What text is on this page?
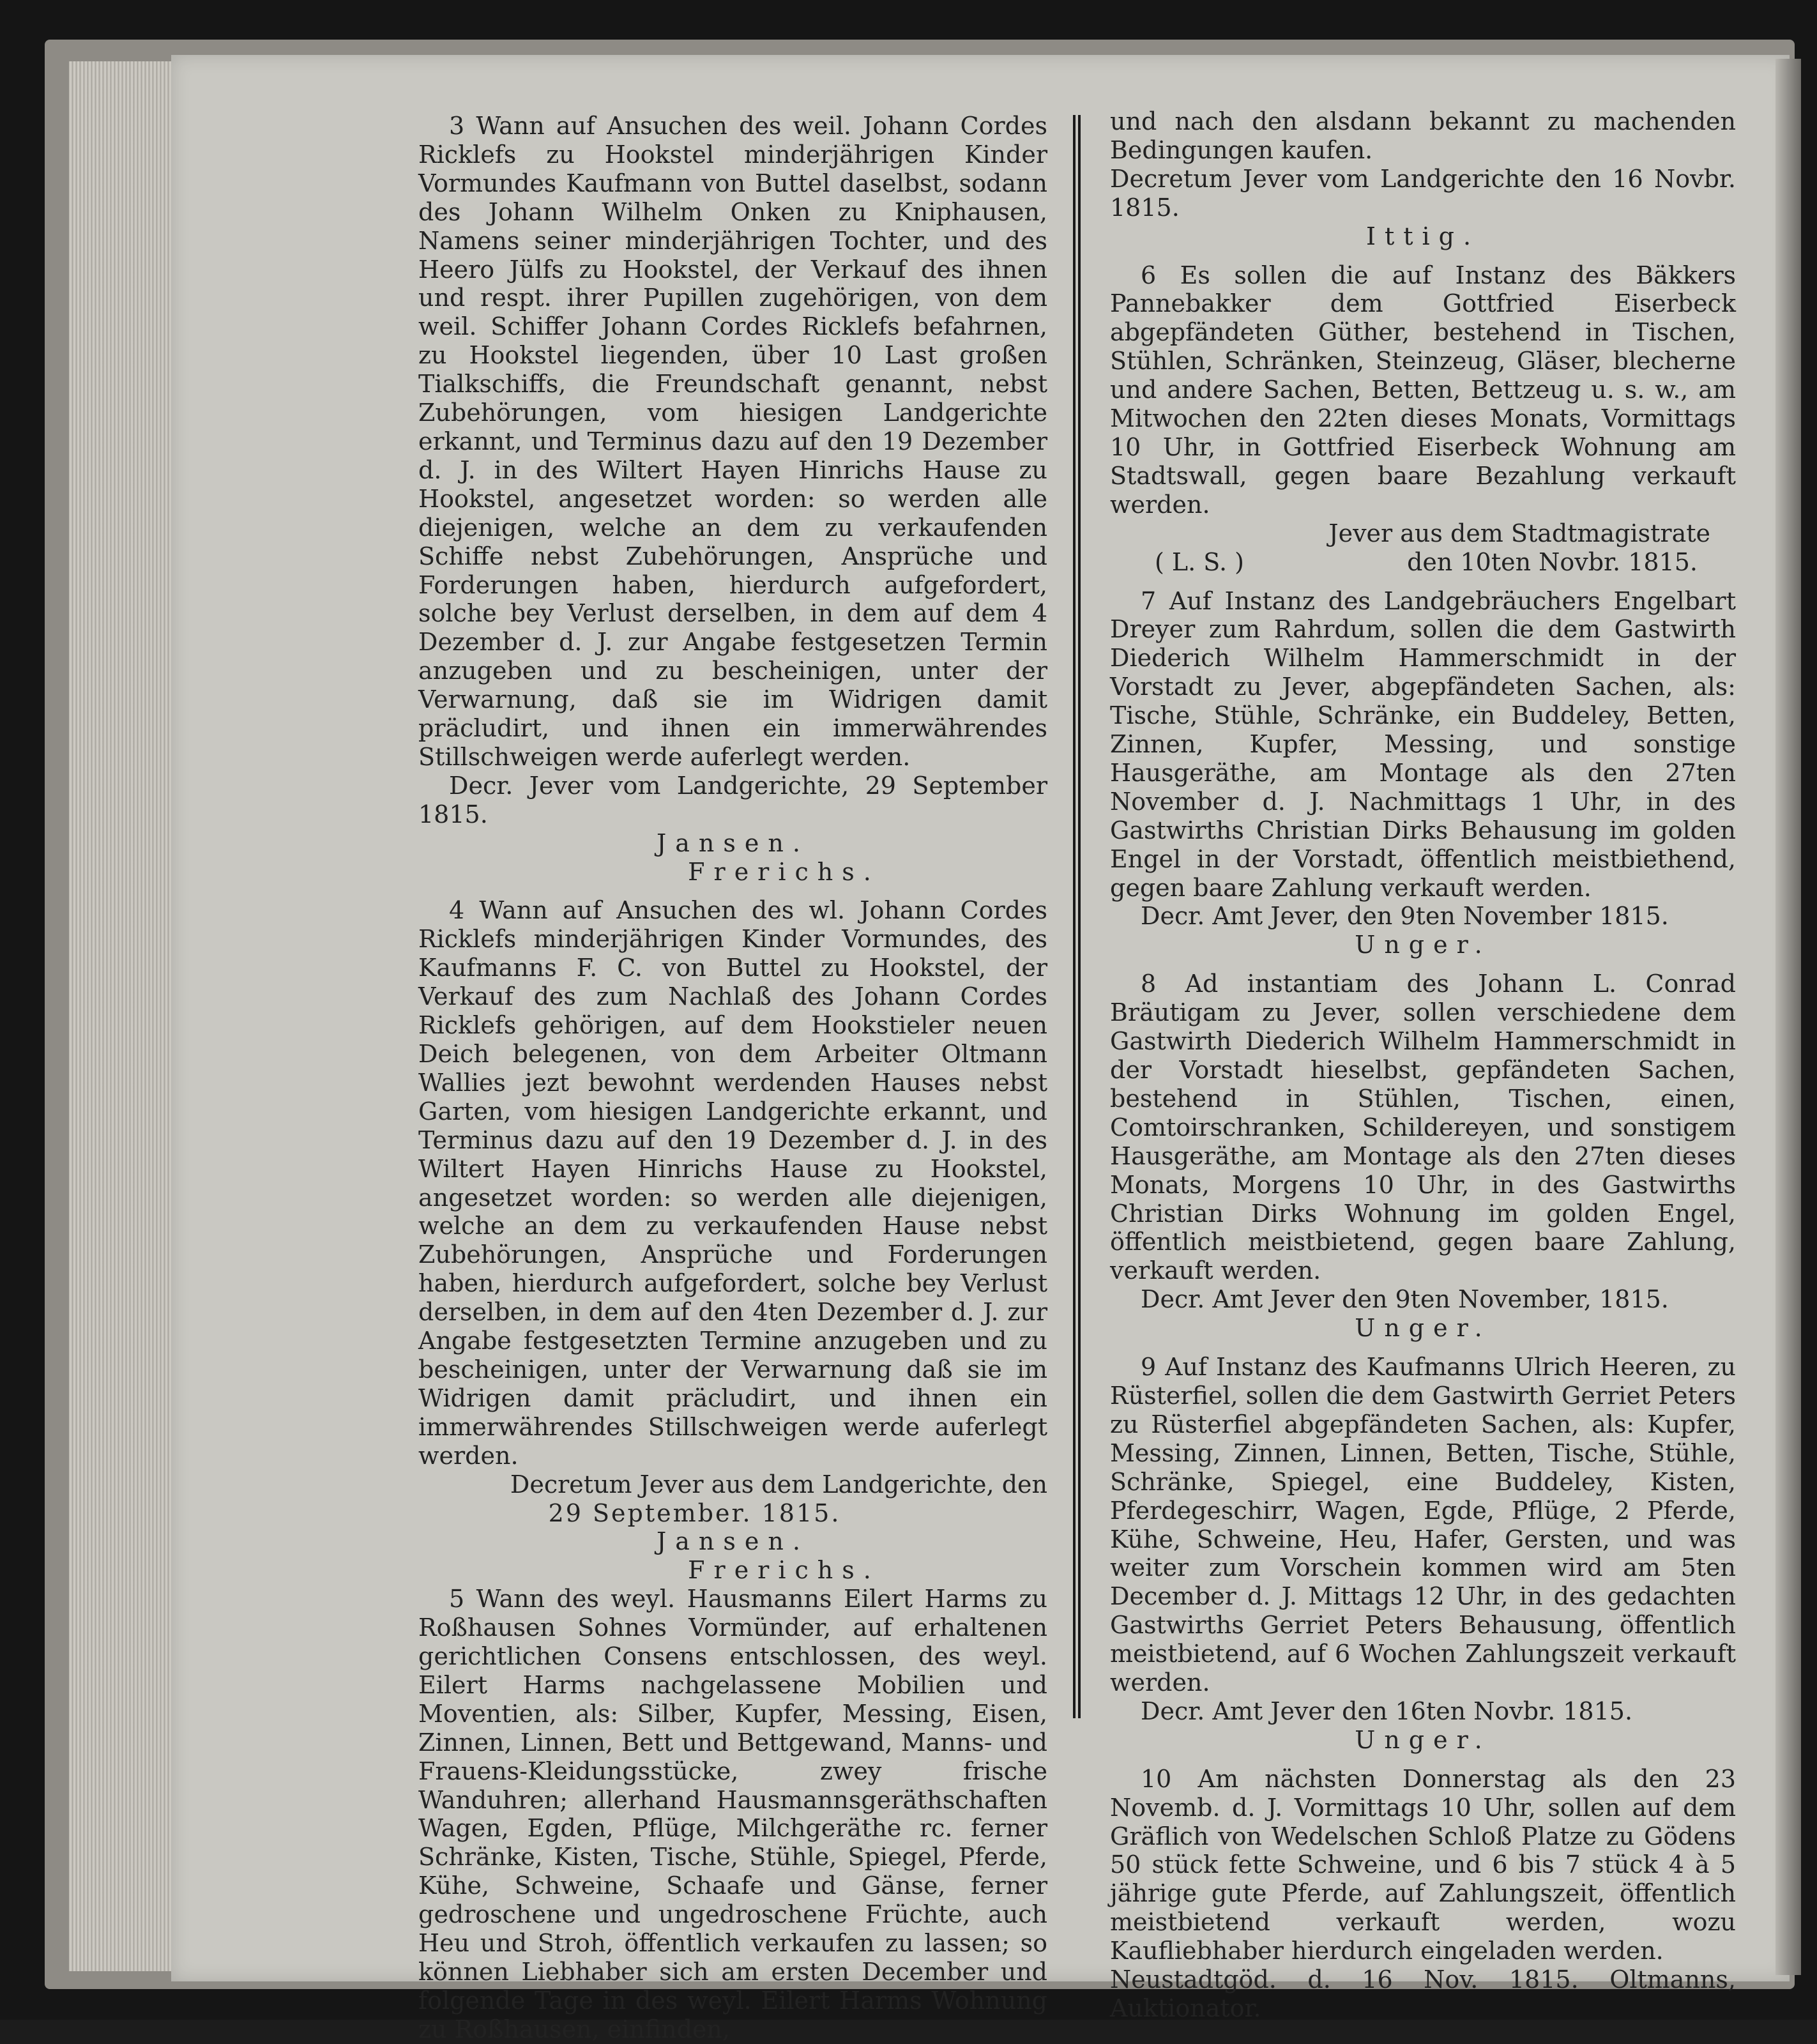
3 Wann auf Ansuchen des weil. Johann Cordes Ricklefs zu Hookstel minderjährigen Kinder Vormundes Kaufmann von Buttel daselbst, sodann des Johann Wilhelm Onken zu Kniphausen, Namens seiner minderjährigen Tochter, und des Heero Jülfs zu Hookstel, der Verkauf des ihnen und respt. ihrer Pupillen zugehörigen, von dem weil. Schiffer Johann Cordes Ricklefs befahrnen, zu Hookstel liegenden, über 10 Last großen Tialkschiffs, die Freundschaft genannt, nebst Zubehörungen, vom hiesigen Landgerichte erkannt, und Terminus dazu auf den 19 Dezember d. J. in des Wiltert Hayen Hinrichs Hause zu Hookstel, angesetzet worden: so werden alle diejenigen, welche an dem zu verkaufenden Schiffe nebst Zubehörungen, Ansprüche und Forderungen haben, hierdurch aufgefordert, solche bey Verlust derselben, in dem auf dem 4 Dezember d. J. zur Angabe festgesetzen Termin anzugeben und zu bescheinigen, unter der Verwarnung, daß sie im Widrigen damit präcludirt, und ihnen ein immerwährendes Stillschweigen werde auferlegt werden.

Decr. Jever vom Landgerichte, 29 September 1815.

Jansen.

Frerichs.

4 Wann auf Ansuchen des wl. Johann Cordes Ricklefs minderjährigen Kinder Vormundes, des Kaufmanns F. C. von Buttel zu Hookstel, der Verkauf des zum Nachlaß des Johann Cordes Ricklefs gehörigen, auf dem Hookstieler neuen Deich belegenen, von dem Arbeiter Oltmann Wallies jezt bewohnt werdenden Hauses nebst Garten, vom hiesigen Landgerichte erkannt, und Terminus dazu auf den 19 Dezember d. J. in des Wiltert Hayen Hinrichs Hause zu Hookstel, angesetzet worden: so werden alle diejenigen, welche an dem zu verkaufenden Hause nebst Zubehörungen, Ansprüche und Forderungen haben, hierdurch aufgefordert, solche bey Verlust derselben, in dem auf den 4ten Dezember d. J. zur Angabe festgesetzten Termine anzugeben und zu bescheinigen, unter der Verwarnung daß sie im Widrigen damit präcludirt, und ihnen ein immerwährendes Stillschweigen werde auferlegt werden.

Decretum Jever aus dem Landgerichte, den

29 September. 1815.

Jansen.

Frerichs.

5 Wann des weyl. Hausmanns Eilert Harms zu Roßhausen Sohnes Vormünder, auf erhaltenen gerichtlichen Consens entschlossen, des weyl. Eilert Harms nachgelassene Mobilien und Moventien, als: Silber, Kupfer, Messing, Eisen, Zinnen, Linnen, Bett und Bettgewand, Manns- und Frauens-Kleidungsstücke, zwey frische Wanduhren; allerhand Hausmannsgeräthschaften Wagen, Egden, Pflüge, Milchgeräthe rc. ferner Schränke, Kisten, Tische, Stühle, Spiegel, Pferde, Kühe, Schweine, Schaafe und Gänse, ferner gedroschene und ungedroschene Früchte, auch Heu und Stroh, öffentlich verkaufen zu lassen; so können Liebhaber sich am ersten December und folgende Tage in des weyl. Eilert Harms Wohnung zu Roßhausen, einfinden,

und nach den alsdann bekannt zu machenden Bedingungen kaufen.

Decretum Jever vom Landgerichte den 16 Novbr. 1815.

Ittig.

6 Es sollen die auf Instanz des Bäkkers Pannebakker dem Gottfried Eiserbeck abgepfändeten Güther, bestehend in Tischen, Stühlen, Schränken, Steinzeug, Gläser, blecherne und andere Sachen, Betten, Bettzeug u. s. w., am Mitwochen den 22ten dieses Monats, Vormittags 10 Uhr, in Gottfried Eiserbeck Wohnung am Stadtswall, gegen baare Bezahlung verkauft werden.

Jever aus dem Stadtmagistrate

( L. S. )	den 10ten Novbr. 1815.

7 Auf Instanz des Landgebräuchers Engelbart Dreyer zum Rahrdum, sollen die dem Gastwirth Diederich Wilhelm Hammerschmidt in der Vorstadt zu Jever, abgepfändeten Sachen, als: Tische, Stühle, Schränke, ein Buddeley, Betten, Zinnen, Kupfer, Messing, und sonstige Hausgeräthe, am Montage als den 27ten November d. J. Nachmittags 1 Uhr, in des Gastwirths Christian Dirks Behausung im golden Engel in der Vorstadt, öffentlich meistbiethend, gegen baare Zahlung verkauft werden.

Decr. Amt Jever, den 9ten November 1815.

Unger.

8 Ad instantiam des Johann L. Conrad Bräutigam zu Jever, sollen verschiedene dem Gastwirth Diederich Wilhelm Hammerschmidt in der Vorstadt hieselbst, gepfändeten Sachen, bestehend in Stühlen, Tischen, einen, Comtoirschranken, Schildereyen, und sonstigem Hausgeräthe, am Montage als den 27ten dieses Monats, Morgens 10 Uhr, in des Gastwirths Christian Dirks Wohnung im golden Engel, öffentlich meistbietend, gegen baare Zahlung, verkauft werden.

Decr. Amt Jever den 9ten November, 1815.

Unger.

9 Auf Instanz des Kaufmanns Ulrich Heeren, zu Rüsterfiel, sollen die dem Gastwirth Gerriet Peters zu Rüsterfiel abgepfändeten Sachen, als: Kupfer, Messing, Zinnen, Linnen, Betten, Tische, Stühle, Schränke, Spiegel, eine Buddeley, Kisten, Pferdegeschirr, Wagen, Egde, Pflüge, 2 Pferde, Kühe, Schweine, Heu, Hafer, Gersten, und was weiter zum Vorschein kommen wird am 5ten December d. J. Mittags 12 Uhr, in des gedachten Gastwirths Gerriet Peters Behausung, öffentlich meistbietend, auf 6 Wochen Zahlungszeit verkauft werden.

Decr. Amt Jever den 16ten Novbr. 1815.

Unger.

10 Am nächsten Donnerstag als den 23 Novemb. d. J. Vormittags 10 Uhr, sollen auf dem Gräflich von Wedelschen Schloß Platze zu Gödens 50 stück fette Schweine, und 6 bis 7 stück 4 à 5 jährige gute Pferde, auf Zahlungszeit, öffentlich meistbietend verkauft werden, wozu Kaufliebhaber hierdurch eingeladen werden.

Neustadtgöd. d. 16 Nov. 1815. Oltmanns, Auktionator.
